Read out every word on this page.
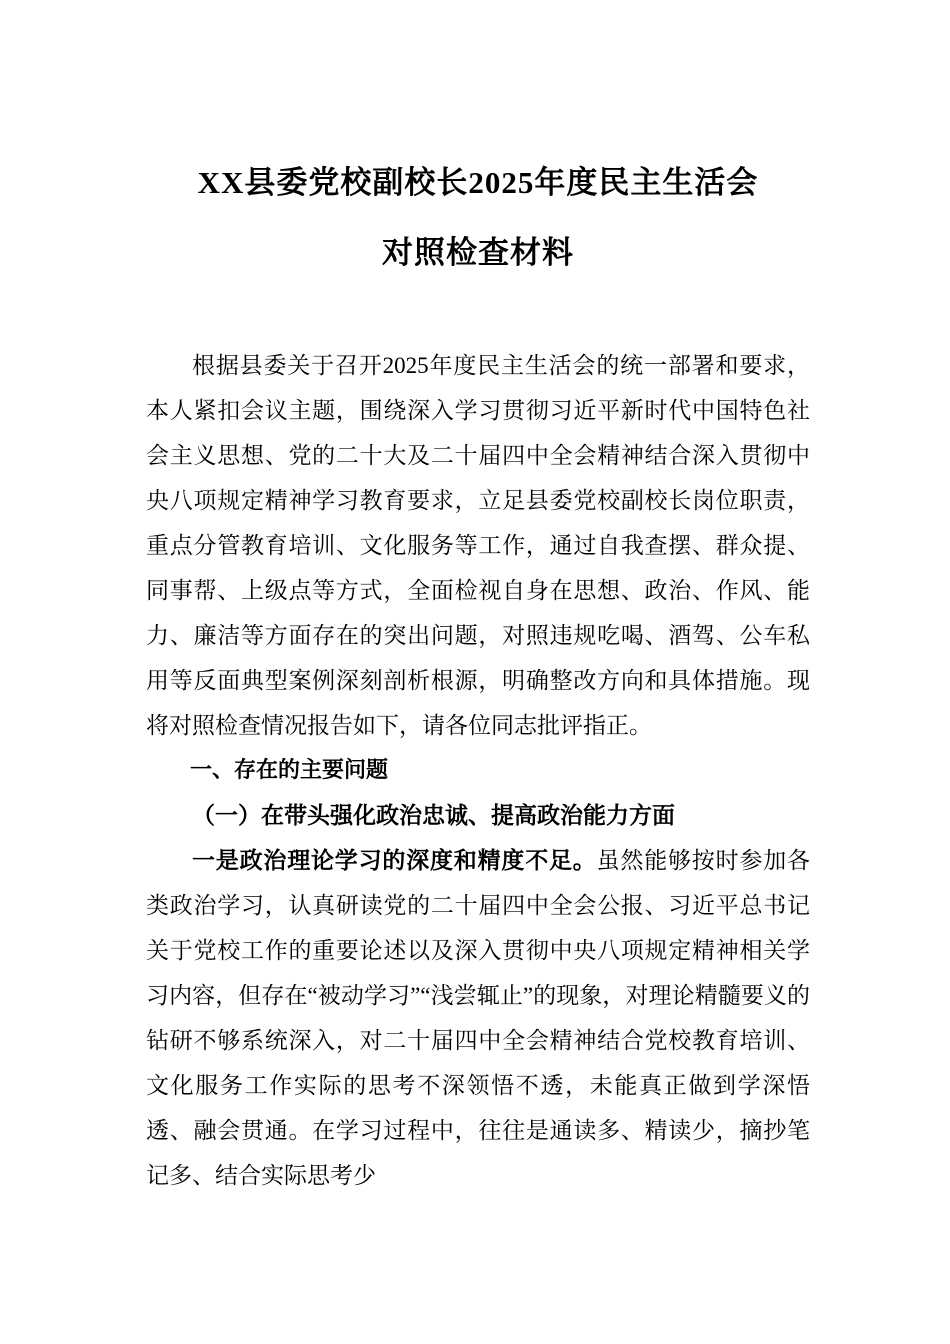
XX县委党校副校长2025年度民主生活会
对照检查材料

根据县委关于召开2025年度民主生活会的统一部署和要求，本人紧扣会议主题，围绕深入学习贯彻习近平新时代中国特色社会主义思想、党的二十大及二十届四中全会精神结合深入贯彻中央八项规定精神学习教育要求，立足县委党校副校长岗位职责，重点分管教育培训、文化服务等工作，通过自我查摆、群众提、同事帮、上级点等方式，全面检视自身在思想、政治、作风、能力、廉洁等方面存在的突出问题，对照违规吃喝、酒驾、公车私用等反面典型案例深刻剖析根源，明确整改方向和具体措施。现将对照检查情况报告如下，请各位同志批评指正。

一、存在的主要问题

（一）在带头强化政治忠诚、提高政治能力方面

一是政治理论学习的深度和精度不足。虽然能够按时参加各类政治学习，认真研读党的二十届四中全会公报、习近平总书记关于党校工作的重要论述以及深入贯彻中央八项规定精神相关学习内容，但存在“被动学习”“浅尝辄止”的现象，对理论精髓要义的钻研不够系统深入，对二十届四中全会精神结合党校教育培训、文化服务工作实际的思考不深领悟不透，未能真正做到学深悟透、融会贯通。在学习过程中，往往是通读多、精读少，摘抄笔记多、结合实际思考少
